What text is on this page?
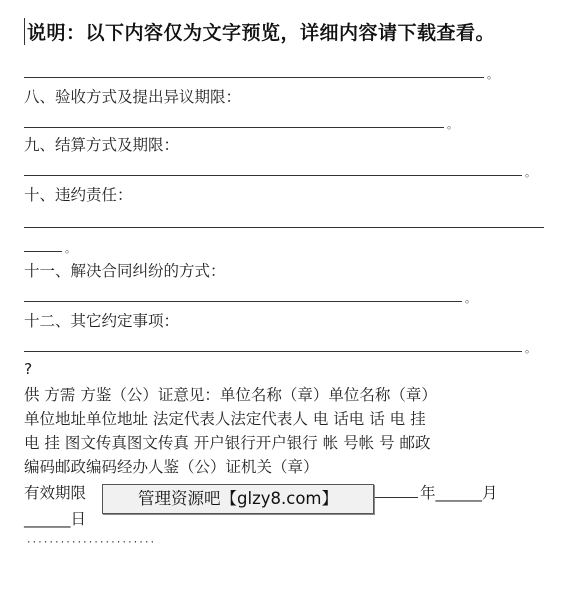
说明：以下内容仅为文字预览，详细内容请下载查看。
。
八、验收方式及提出异议期限：
。
九、结算方式及期限：
。
十、违约责任：
。
十一、解决合同纠纷的方式：
。
十二、其它约定事项：
。
?
供 方需 方鉴（公）证意见：单位名称（章）单位名称（章）
单位地址单位地址 法定代表人法定代表人 电 话电 话 电 挂
电 挂 图文传真图文传真 开户银行开户银行 帐 号帐 号 邮政
编码邮政编码经办人鉴（公）证机关（章）
有效期限	年______月
______日
管理资源吧【glzy8.com】
·······················
